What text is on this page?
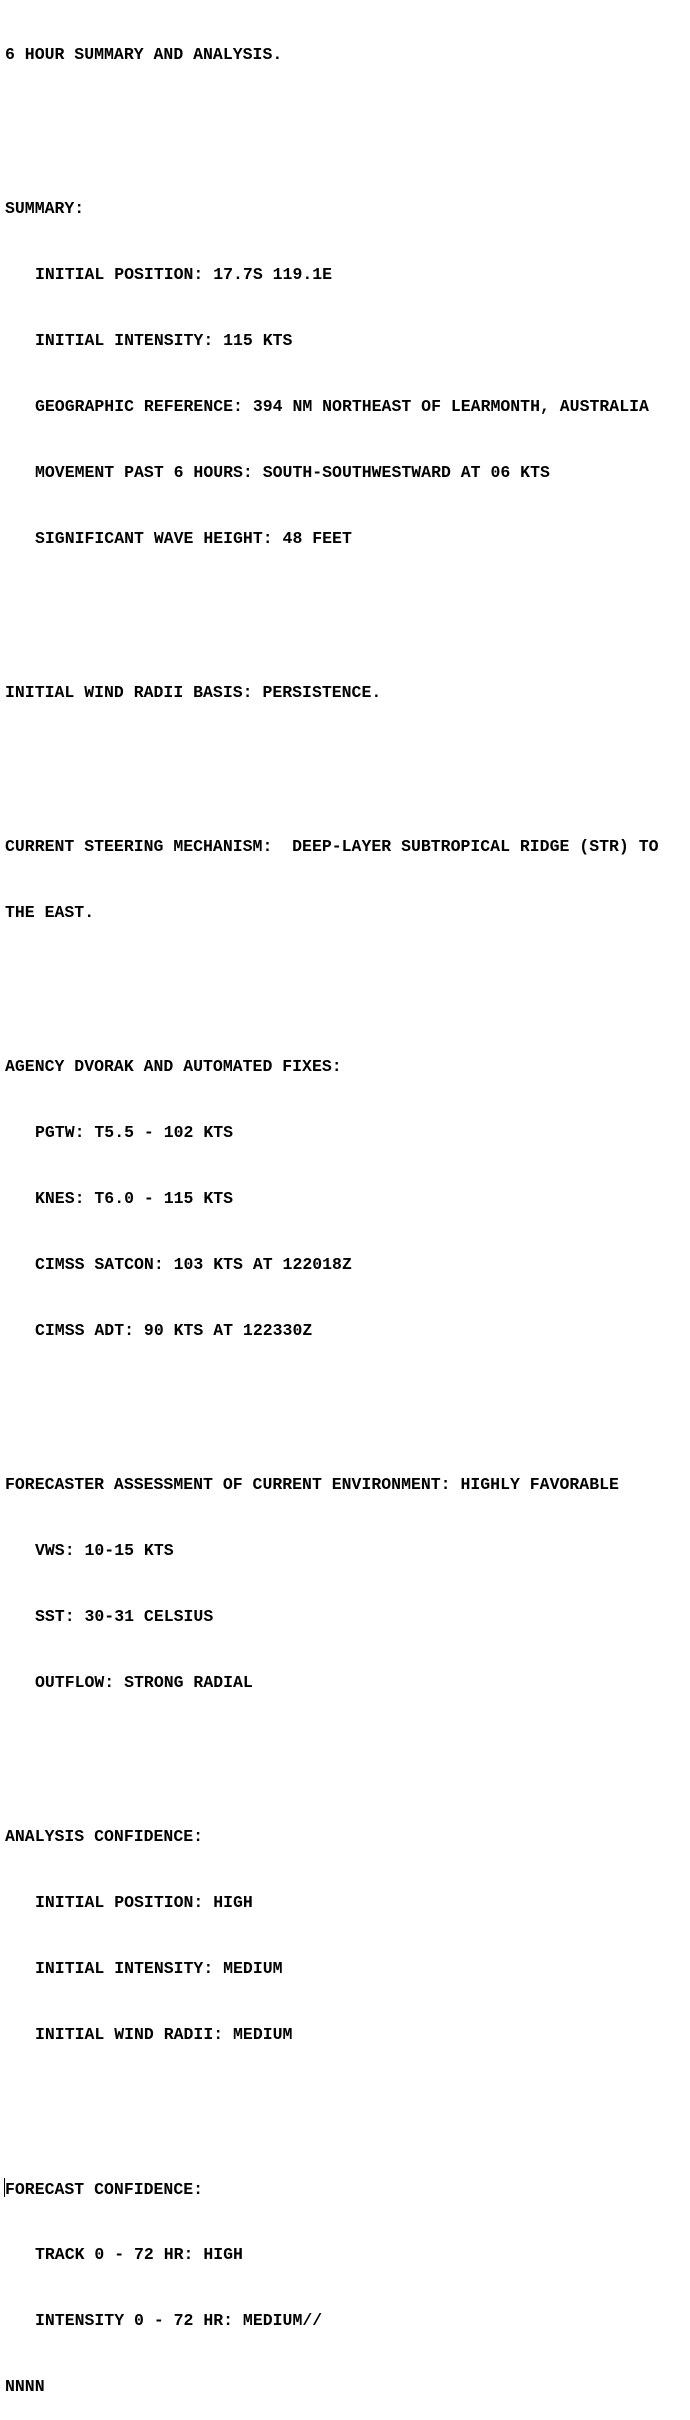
6 HOUR SUMMARY AND ANALYSIS.

SUMMARY:

INITIAL POSITION: 17.7S 119.1E

INITIAL INTENSITY: 115 KTS

GEOGRAPHIC REFERENCE: 394 NM NORTHEAST OF LEARMONTH, AUSTRALIA

MOVEMENT PAST 6 HOURS: SOUTH-SOUTHWESTWARD AT 06 KTS

SIGNIFICANT WAVE HEIGHT: 48 FEET

INITIAL WIND RADII BASIS: PERSISTENCE.

CURRENT STEERING MECHANISM:  DEEP-LAYER SUBTROPICAL RIDGE (STR) TO

THE EAST.

AGENCY DVORAK AND AUTOMATED FIXES:

PGTW: T5.5 - 102 KTS

KNES: T6.0 - 115 KTS

CIMSS SATCON: 103 KTS AT 122018Z

CIMSS ADT: 90 KTS AT 122330Z

FORECASTER ASSESSMENT OF CURRENT ENVIRONMENT: HIGHLY FAVORABLE

VWS: 10-15 KTS

SST: 30-31 CELSIUS

OUTFLOW: STRONG RADIAL

ANALYSIS CONFIDENCE:

INITIAL POSITION: HIGH

INITIAL INTENSITY: MEDIUM

INITIAL WIND RADII: MEDIUM

FORECAST CONFIDENCE:

TRACK 0 - 72 HR: HIGH

INTENSITY 0 - 72 HR: MEDIUM//

NNNN
